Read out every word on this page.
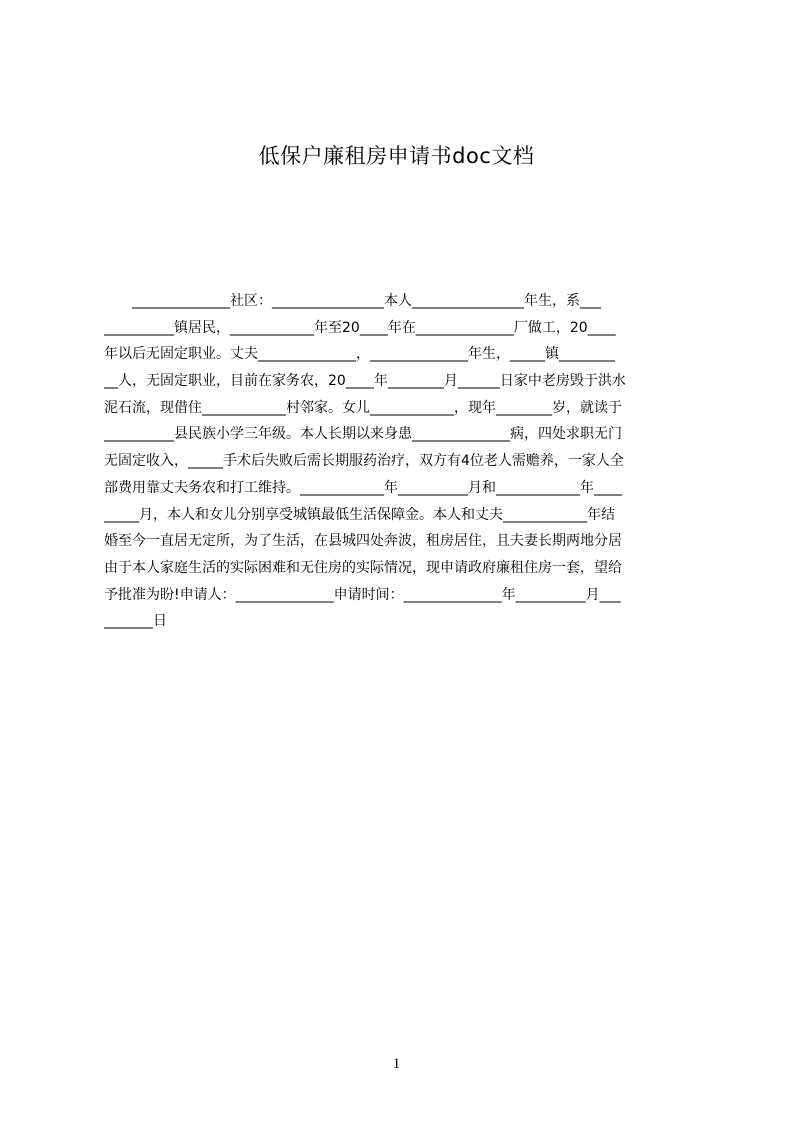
低保户廉租房申请书doc文档
　　______________社区：________________本人________________年生，系___
__________镇居民，____________年至20____年在______________厂做工，20____
年以后无固定职业。丈夫______________，______________年生，_____镇________
__人，无固定职业，目前在家务农，20____年________月______日家中老房毁于洪水
泥石流，现借住____________村邻家。女儿____________，现年________岁，就读于
__________县民族小学三年级。本人长期以来身患______________病，四处求职无门
无固定收入，_____手术后失败后需长期服药治疗，双方有4位老人需赡养，一家人全
部费用靠丈夫务农和打工维持。____________年__________月和____________年____
_____月，本人和女儿分别享受城镇最低生活保障金。本人和丈夫____________年结
婚至今一直居无定所，为了生活，在县城四处奔波，租房居住，且夫妻长期两地分居
由于本人家庭生活的实际困难和无住房的实际情况，现申请政府廉租住房一套，望给
予批准为盼!申请人：______________申请时间：______________年__________月___
_______日
1
